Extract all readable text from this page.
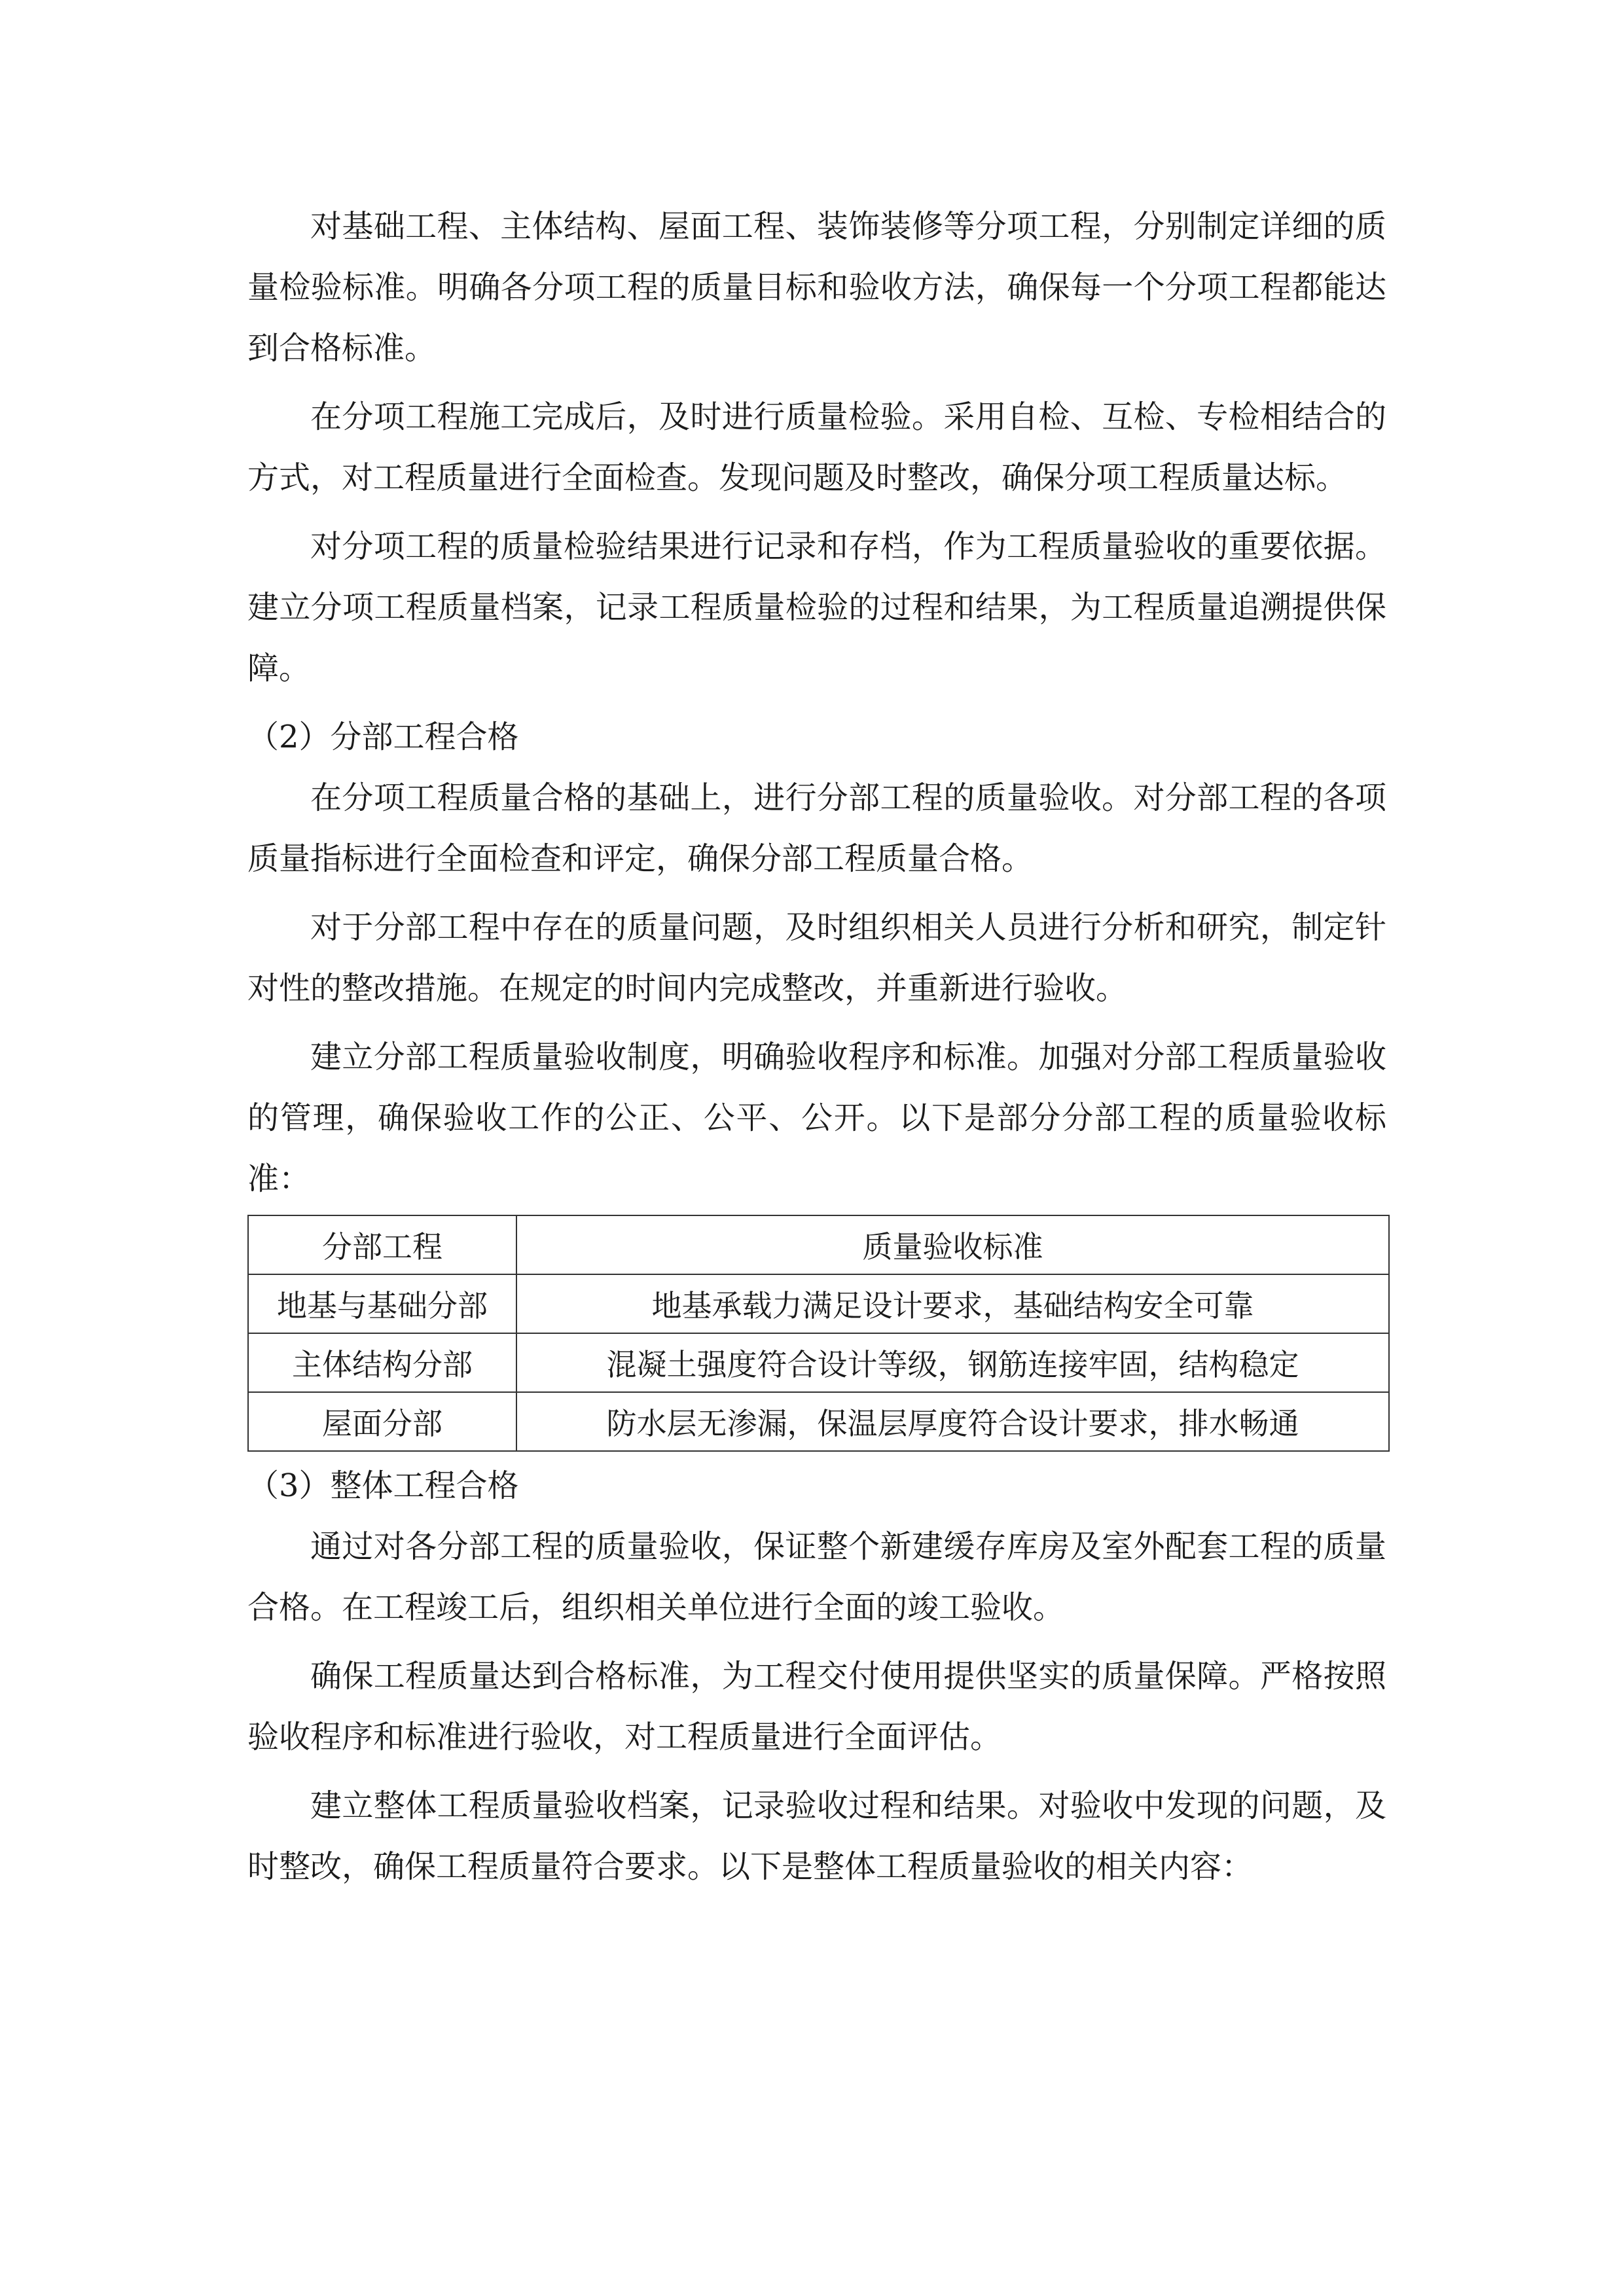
对基础工程、主体结构、屋面工程、装饰装修等分项工程，分别制定详细的质量检验标准。明确各分项工程的质量目标和验收方法，确保每一个分项工程都能达到合格标准。

在分项工程施工完成后，及时进行质量检验。采用自检、互检、专检相结合的方式，对工程质量进行全面检查。发现问题及时整改，确保分项工程质量达标。

对分项工程的质量检验结果进行记录和存档，作为工程质量验收的重要依据。建立分项工程质量档案，记录工程质量检验的过程和结果，为工程质量追溯提供保障。

（2）分部工程合格

在分项工程质量合格的基础上，进行分部工程的质量验收。对分部工程的各项质量指标进行全面检查和评定，确保分部工程质量合格。

对于分部工程中存在的质量问题，及时组织相关人员进行分析和研究，制定针对性的整改措施。在规定的时间内完成整改，并重新进行验收。

建立分部工程质量验收制度，明确验收程序和标准。加强对分部工程质量验收的管理，确保验收工作的公正、公平、公开。以下是部分分部工程的质量验收标准：

分部工程	质量验收标准
地基与基础分部	地基承载力满足设计要求，基础结构安全可靠
主体结构分部	混凝土强度符合设计等级，钢筋连接牢固，结构稳定
屋面分部	防水层无渗漏，保温层厚度符合设计要求，排水畅通

（3）整体工程合格

通过对各分部工程的质量验收，保证整个新建缓存库房及室外配套工程的质量合格。在工程竣工后，组织相关单位进行全面的竣工验收。

确保工程质量达到合格标准，为工程交付使用提供坚实的质量保障。严格按照验收程序和标准进行验收，对工程质量进行全面评估。

建立整体工程质量验收档案，记录验收过程和结果。对验收中发现的问题，及时整改，确保工程质量符合要求。以下是整体工程质量验收的相关内容：
